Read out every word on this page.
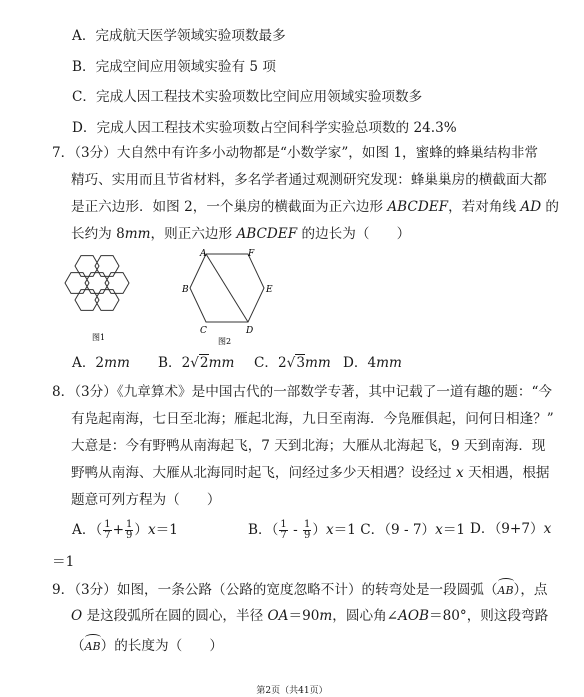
A．完成航天医学领域实验项数最多
B．完成空间应用领域实验有 5 项
C．完成人因工程技术实验项数比空间应用领域实验项数多
D．完成人因工程技术实验项数占空间科学实验总项数的 24.3%
7．（3分）大自然中有许多小动物都是“小数学家”，如图 1，蜜蜂的蜂巢结构非常
精巧、实用而且节省材料，多名学者通过观测研究发现：蜂巢巢房的横截面大都
是正六边形．如图 2，一个巢房的横截面为正六边形 ABCDEF，若对角线 AD 的
长约为 8mm，则正六边形 ABCDEF 的边长为（　　）
图1
A
B
C	D
E
F
图2
A．2mm B．2√2mm C．2√3mm D．4mm
8．（3分）《九章算术》是中国古代的一部数学专著，其中记载了一道有趣的题：“今
有凫起南海，七日至北海；雁起北海，九日至南海．今凫雁俱起，问何日相逢？”
大意是：今有野鸭从南海起飞，7 天到北海；大雁从北海起飞，9 天到南海．现
野鸭从南海、大雁从北海同时起飞，问经过多少天相遇？设经过 x 天相遇，根据
题意可列方程为（　　）
A．（ $\frac{1}{7} + \frac{1}{9} )x=1$	B．（ $\frac{1}{7} - \frac{1}{9} )x=1$ C．（9 - 7）x＝1 D．（9+7）x
＝1
9．（3分）如图，一条公路（公路的宽度忽略不计）的转弯处是一段圆弧（AB），点
O 是这段弧所在圆的圆心，半径 OA＝90m，圆心角∠AOB＝80°，则这段弯路
（AB）的长度为（　　）
第2页（共41页）
